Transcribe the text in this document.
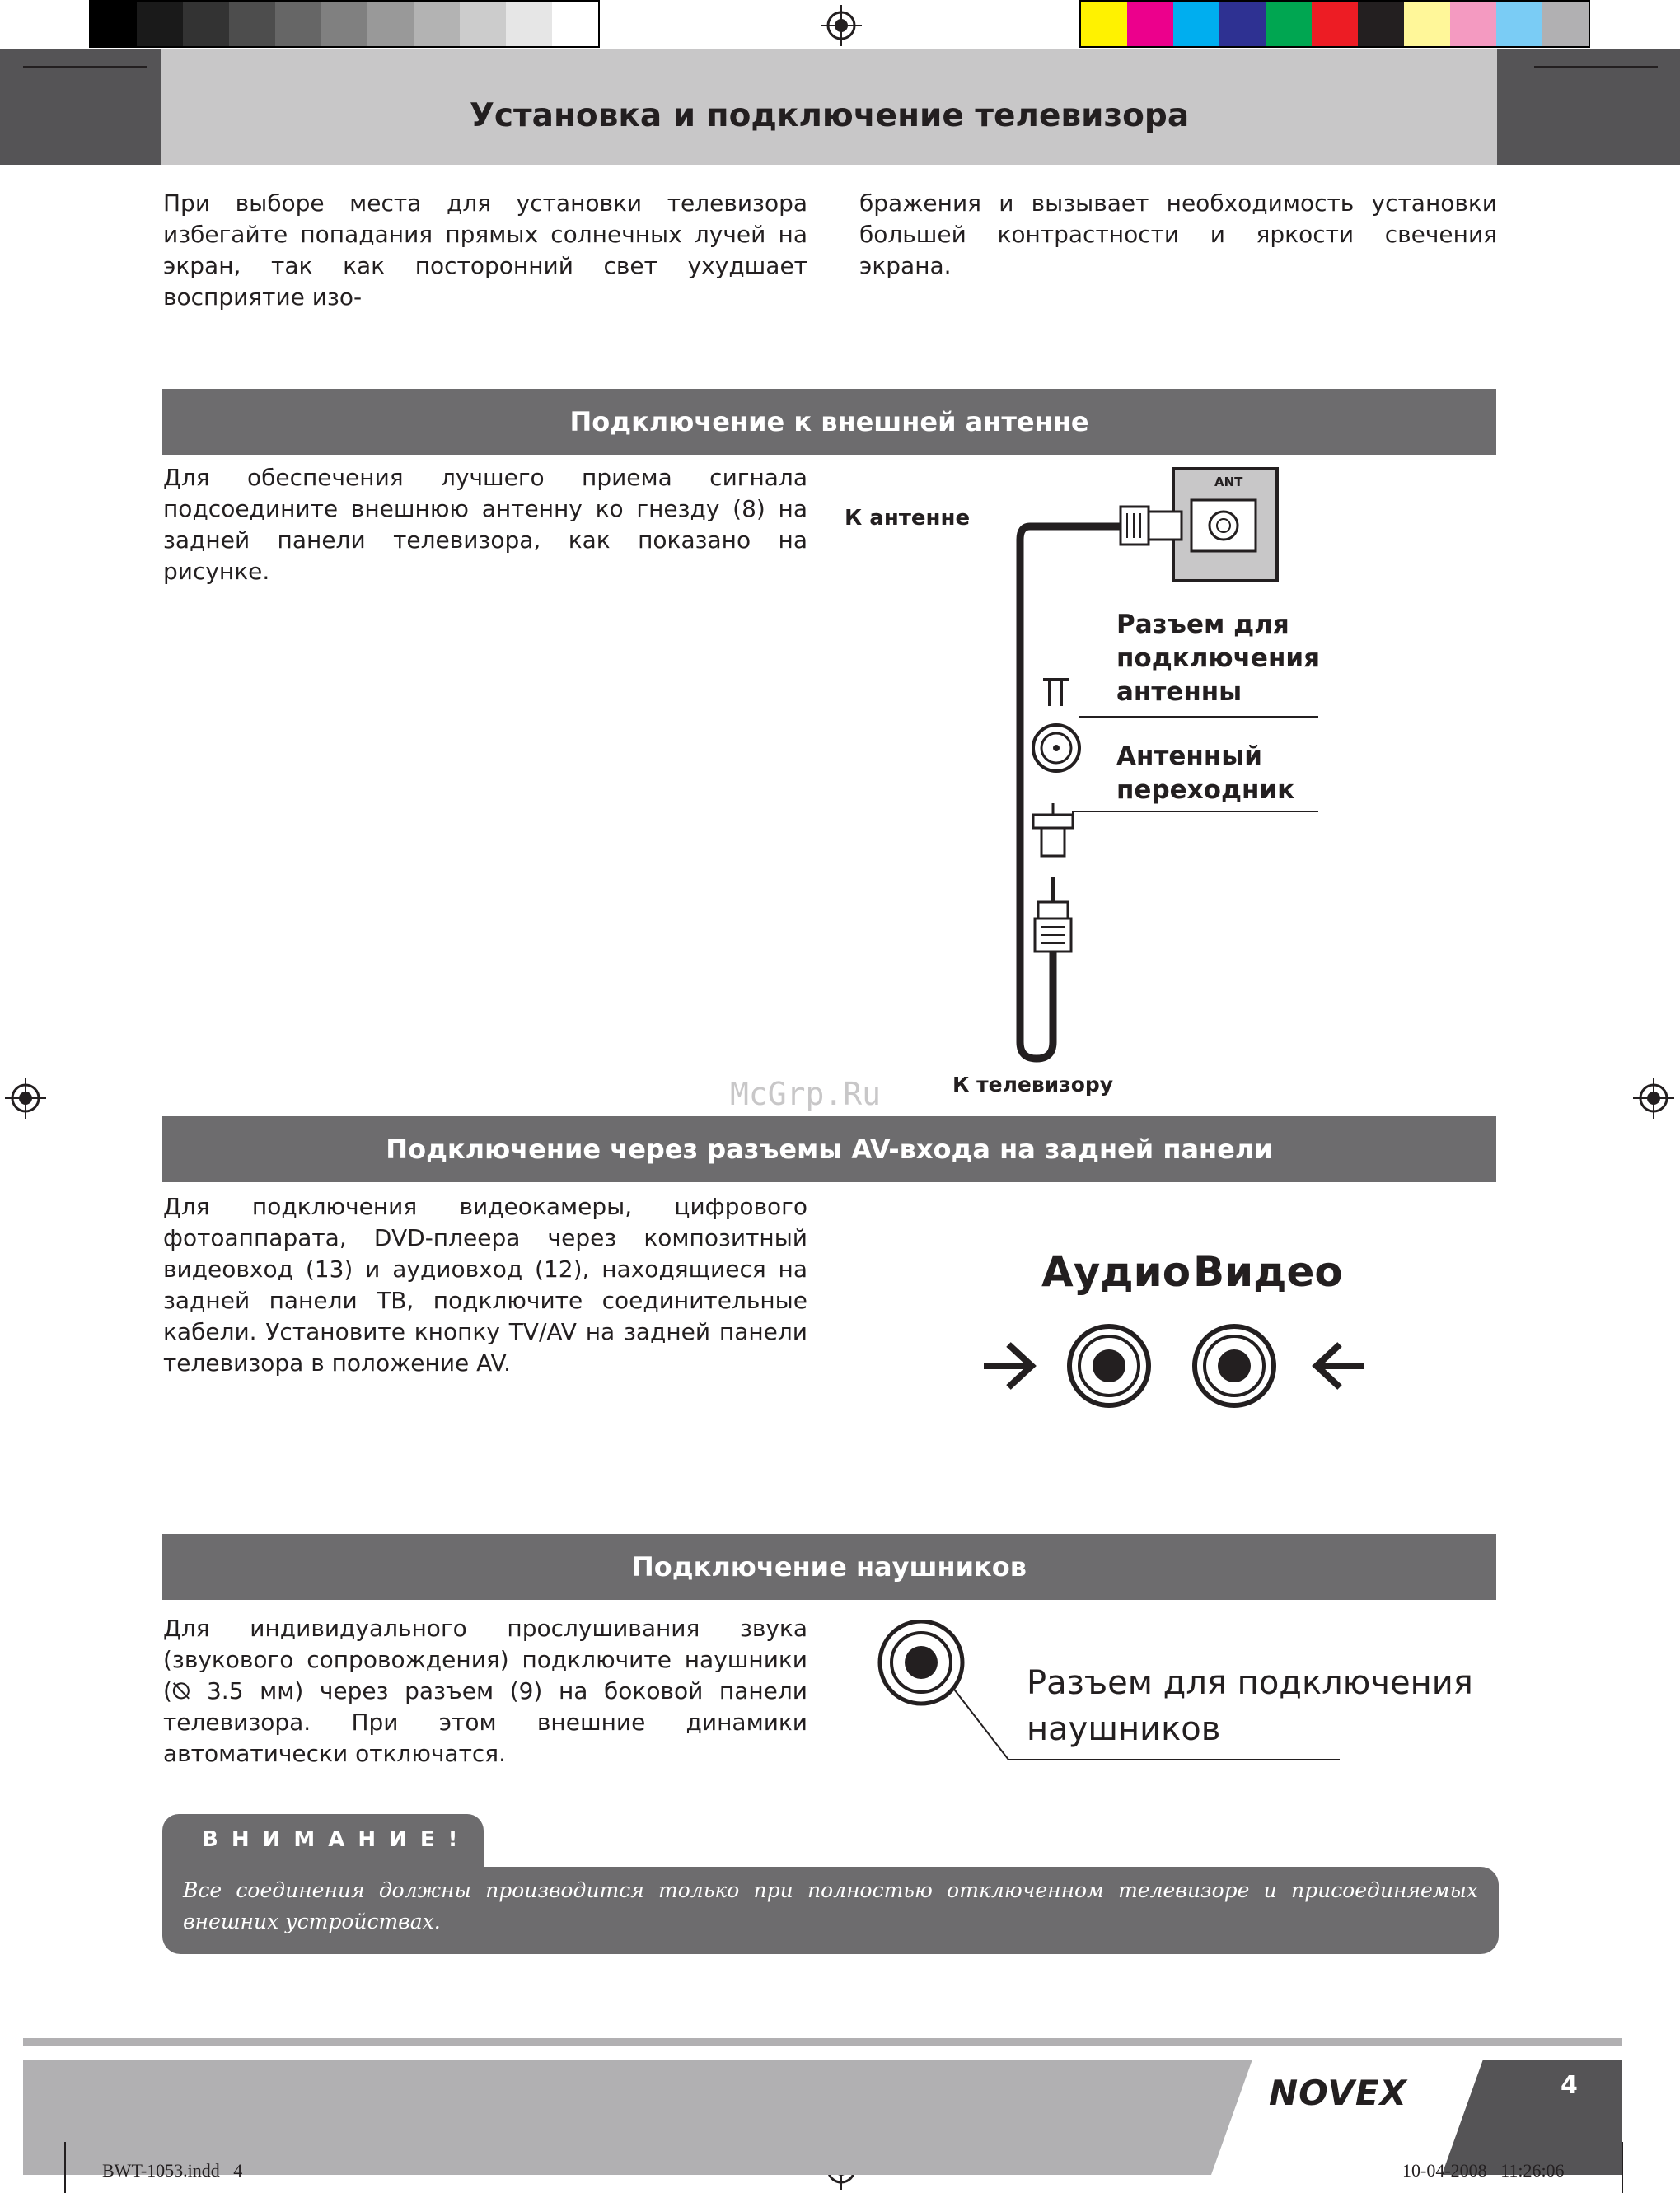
Установка и подключение телевизора
При выборе места для установки телевизора избегайте попадания прямых солнечных лучей на экран, так как посторонний свет ухудшает восприятие изо-
бражения и вызывает необходимость установки большей контрастности и яркости свечения экрана.
Подключение к внешней антенне
Для обеспечения лучшего приема сигнала подсоедините внешнюю антенну ко гнезду (8) на задней панели телевизора, как показано на рисунке.
ANT
К антенне
Разъем для
подключения
антенны
Антенный
переходник
К телевизору
McGrp.Ru
Подключение через разъемы AV-входа на задней панели
Для подключения видеокамеры, цифрового фотоаппарата, DVD-плеера через композитный видеовход (13) и аудиовход (12), находящиеся на задней панели ТВ, подключите соединительные кабели. Установите кнопку TV/AV на задней панели телевизора в положение AV.
Аудио Видео
Подключение наушников
Для индивидуального прослушивания звука (звукового сопровождения) подключите наушники (⦰ 3.5 мм) через разъем (9) на боковой панели телевизора. При этом внешние динамики автоматически отключатся.
Разъем для подключения
наушников
ВНИМАНИЕ!
Все соединения должны производится только при полностью отключенном телевизоре и присоединяемых внешних устройствах.
NOVEX	4
BWT-1053.indd   4	10-04-2008   11:26:06
